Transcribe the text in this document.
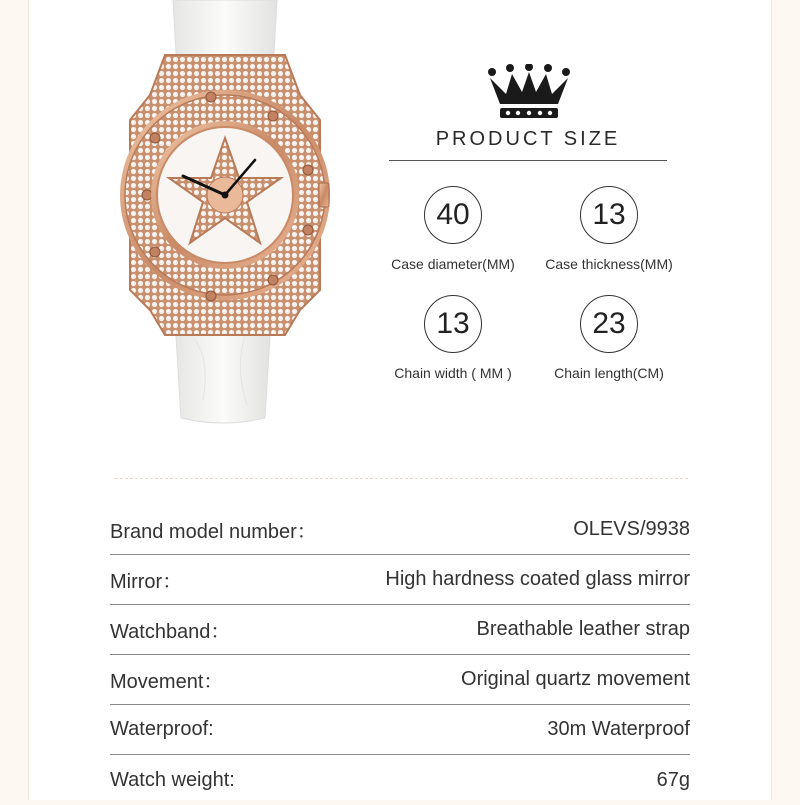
PRODUCT SIZE
40
Case diameter(MM)
13
Case thickness(MM)
13
Chain width ( MM )
23
Chain length(CM)
Brand model number：	OLEVS/9938
Mirror：	High hardness coated glass mirror
Watchband：	Breathable leather strap
Movement：	Original quartz movement
Waterproof:	30m Waterproof
Watch weight:	67g
